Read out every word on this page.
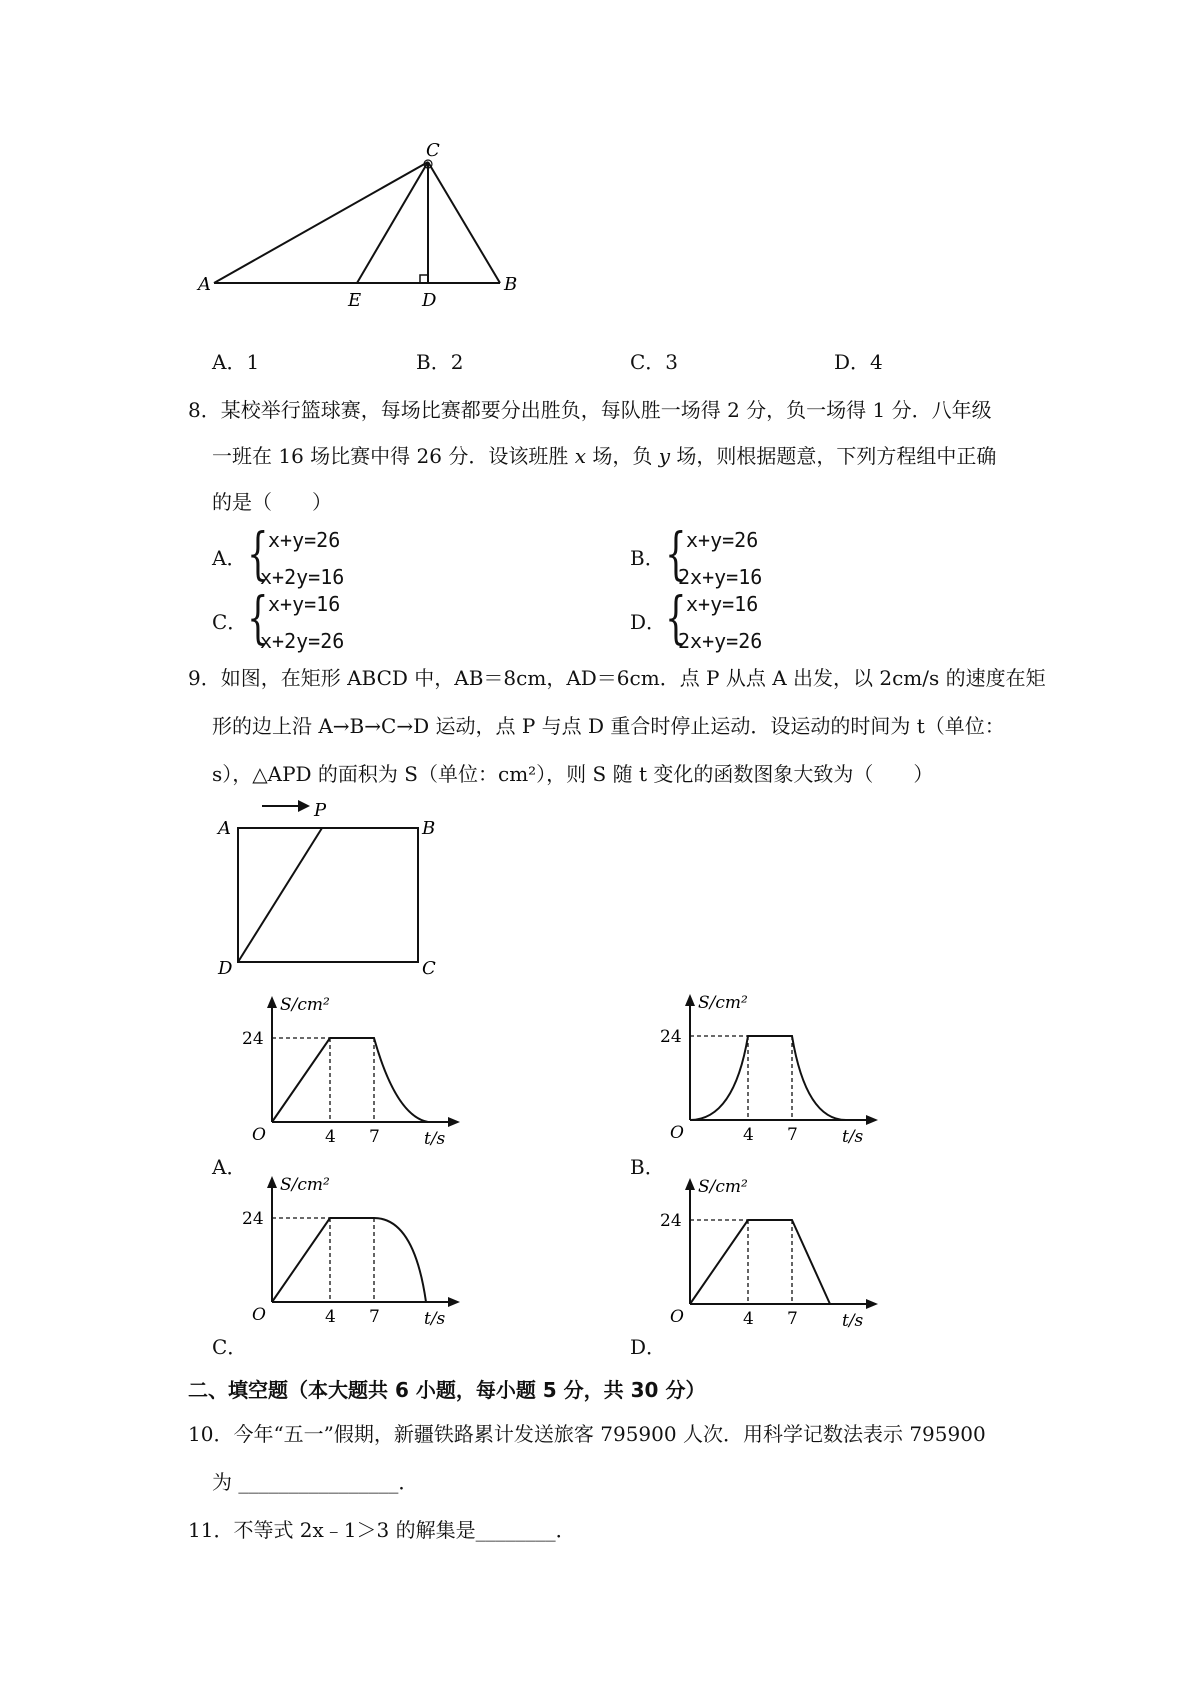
A
C
B
E	D
A．1	B．2	C．3	D．4
8．某校举行篮球赛，每场比赛都要分出胜负，每队胜一场得 2 分，负一场得 1 分．八年级
一班在 16 场比赛中得 26 分．设该班胜 x 场，负 y 场，则根据题意，下列方程组中正确
的是（　　）
A． { x+y=26
x+2y=16
B． { x+y=26
2x+y=16
C． { x+y=16
x+2y=26
D． { x+y=16
2x+y=26
9．如图，在矩形 ABCD 中，AB＝8cm，AD＝6cm．点 P 从点 A 出发，以 2cm/s 的速度在矩
形的边上沿 A→B→C→D 运动，点 P 与点 D 重合时停止运动．设运动的时间为 t（单位：
s），△APD 的面积为 S（单位：cm²），则 S 随 t 变化的函数图象大致为（　　）
A
P
B
D	C
S/cm²
24
O	4 7	t/s
S/cm²
24
O	4 7	t/s
S/cm²
24
O	4 7	t/s
S/cm²
24
O	4 7	t/s
A．	B．
C．	D．
二、填空题（本大题共 6 小题，每小题 5 分，共 30 分）
10．今年“五一”假期，新疆铁路累计发送旅客 795900 人次．用科学记数法表示 795900
为 ________________．
11．不等式 2x﹣1＞3 的解集是________．
